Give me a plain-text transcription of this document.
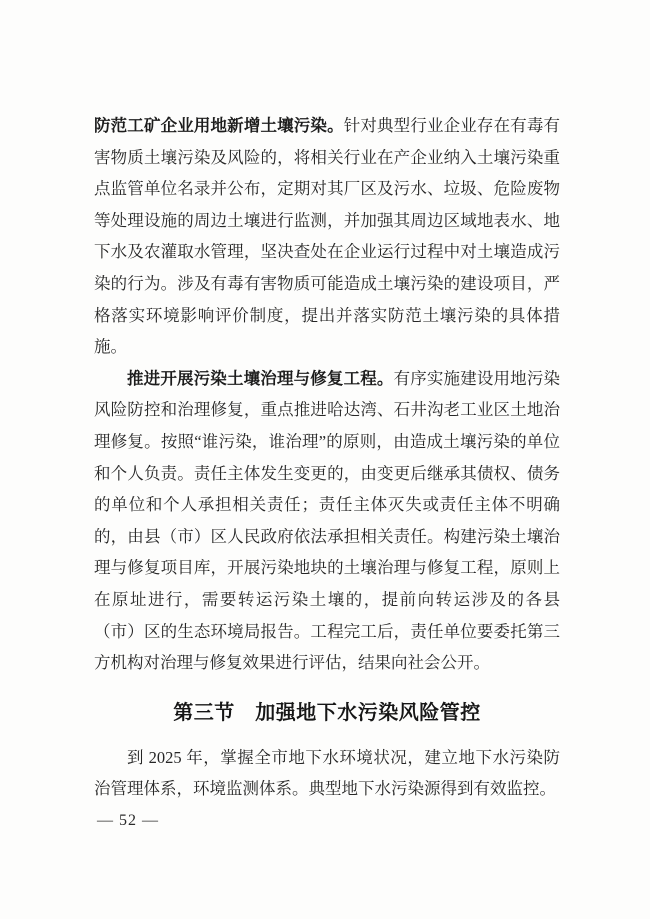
防范工矿企业用地新增土壤污染。针对典型行业企业存在有毒有害物质土壤污染及风险的，将相关行业在产企业纳入土壤污染重点监管单位名录并公布，定期对其厂区及污水、垃圾、危险废物等处理设施的周边土壤进行监测，并加强其周边区域地表水、地下水及农灌取水管理，坚决查处在企业运行过程中对土壤造成污染的行为。涉及有毒有害物质可能造成土壤污染的建设项目，严格落实环境影响评价制度，提出并落实防范土壤污染的具体措施。

推进开展污染土壤治理与修复工程。有序实施建设用地污染风险防控和治理修复，重点推进哈达湾、石井沟老工业区土地治理修复。按照“谁污染，谁治理”的原则，由造成土壤污染的单位和个人负责。责任主体发生变更的，由变更后继承其债权、债务的单位和个人承担相关责任；责任主体灭失或责任主体不明确的，由县（市）区人民政府依法承担相关责任。构建污染土壤治理与修复项目库，开展污染地块的土壤治理与修复工程，原则上在原址进行，需要转运污染土壤的，提前向转运涉及的各县（市）区的生态环境局报告。工程完工后，责任单位要委托第三方机构对治理与修复效果进行评估，结果向社会公开。

第三节　加强地下水污染风险管控

到 2025 年，掌握全市地下水环境状况，建立地下水污染防治管理体系，环境监测体系。典型地下水污染源得到有效监控。

— 52 —
